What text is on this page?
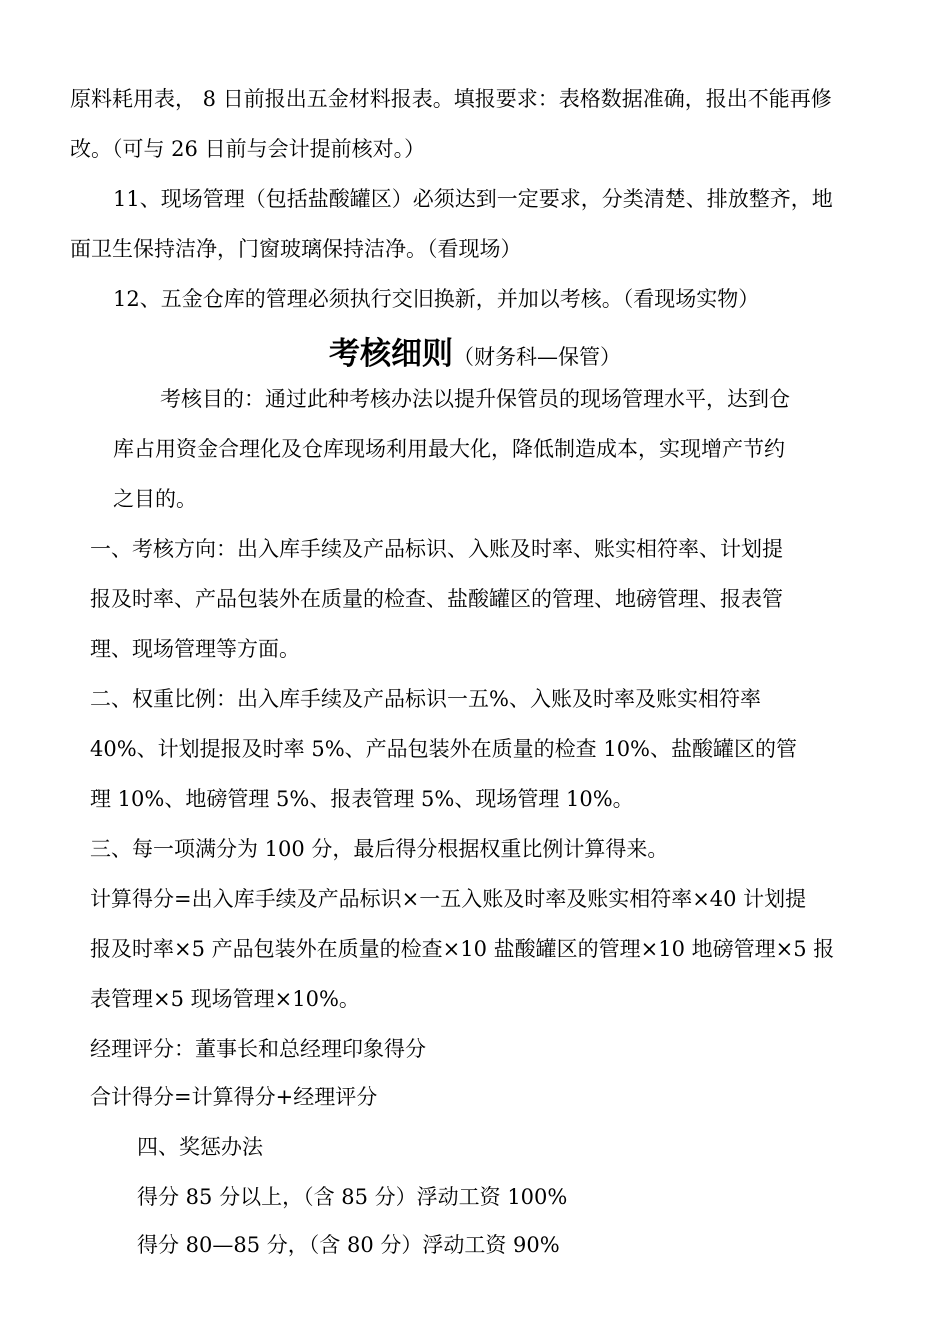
原料耗用表， 8 日前报出五金材料报表。填报要求：表格数据准确，报出不能再修
改。（可与 26 日前与会计提前核对。）
11、现场管理（包括盐酸罐区）必须达到一定要求，分类清楚、排放整齐，地
面卫生保持洁净，门窗玻璃保持洁净。（看现场）
12、五金仓库的管理必须执行交旧换新，并加以考核。（看现场实物）
考核细则（财务科—保管）
考核目的：通过此种考核办法以提升保管员的现场管理水平，达到仓
库占用资金合理化及仓库现场利用最大化，降低制造成本，实现增产节约
之目的。
一、考核方向：出入库手续及产品标识、入账及时率、账实相符率、计划提
报及时率、产品包装外在质量的检查、盐酸罐区的管理、地磅管理、报表管
理、现场管理等方面。
二、权重比例：出入库手续及产品标识一五%、入账及时率及账实相符率
40%、计划提报及时率 5%、产品包装外在质量的检查 10%、盐酸罐区的管
理 10%、地磅管理 5%、报表管理 5%、现场管理 10%。
三、每一项满分为 100 分，最后得分根据权重比例计算得来。
计算得分=出入库手续及产品标识×一五入账及时率及账实相符率×40 计划提
报及时率×5 产品包装外在质量的检查×10 盐酸罐区的管理×10 地磅管理×5 报
表管理×5 现场管理×10%。
经理评分：董事长和总经理印象得分
合计得分=计算得分+经理评分
四、奖惩办法
得分 85 分以上，（含 85 分）浮动工资 100%
得分 80—85 分，（含 80 分）浮动工资 90%
